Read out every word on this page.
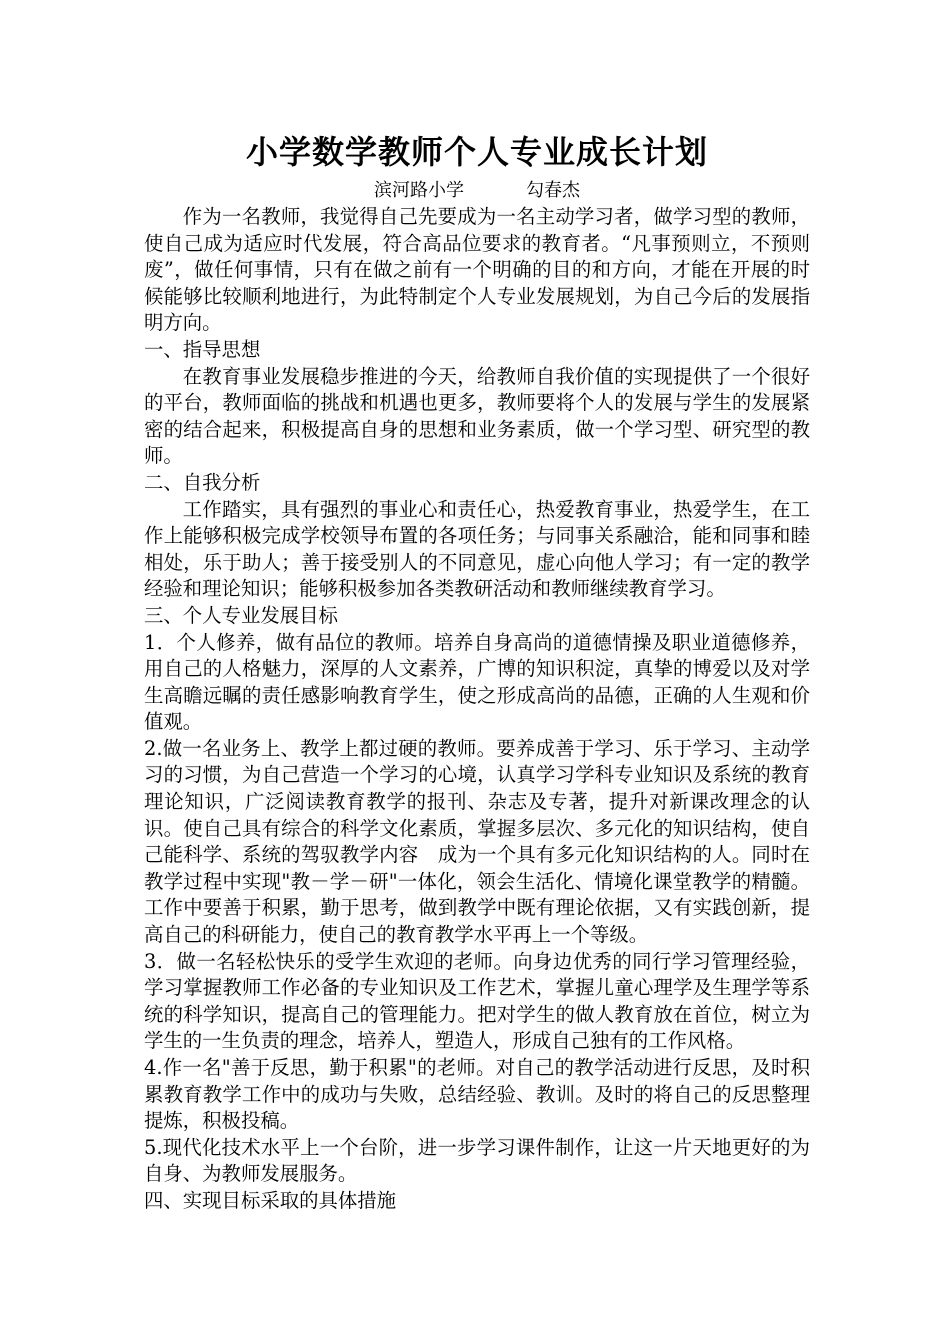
小学数学教师个人专业成长计划
滨河路小学	勾春杰

作为一名教师，我觉得自己先要成为一名主动学习者，做学习型的教师，使自己成为适应时代发展，符合高品位要求的教育者。“凡事预则立，不预则废”，做任何事情，只有在做之前有一个明确的目的和方向，才能在开展的时候能够比较顺利地进行，为此特制定个人专业发展规划，为自己今后的发展指明方向。

一、指导思想

在教育事业发展稳步推进的今天，给教师自我价值的实现提供了一个很好的平台，教师面临的挑战和机遇也更多，教师要将个人的发展与学生的发展紧密的结合起来，积极提高自身的思想和业务素质，做一个学习型、研究型的教师。

二、自我分析

工作踏实，具有强烈的事业心和责任心，热爱教育事业，热爱学生，在工作上能够积极完成学校领导布置的各项任务；与同事关系融洽，能和同事和睦相处，乐于助人；善于接受别人的不同意见，虚心向他人学习；有一定的教学经验和理论知识；能够积极参加各类教研活动和教师继续教育学习。

三、个人专业发展目标

1．个人修养，做有品位的教师。培养自身高尚的道德情操及职业道德修养，用自己的人格魅力，深厚的人文素养，广博的知识积淀，真挚的博爱以及对学生高瞻远瞩的责任感影响教育学生，使之形成高尚的品德，正确的人生观和价值观。

2.做一名业务上、教学上都过硬的教师。要养成善于学习、乐于学习、主动学习的习惯，为自己营造一个学习的心境，认真学习学科专业知识及系统的教育理论知识，广泛阅读教育教学的报刊、杂志及专著，提升对新课改理念的认识。使自己具有综合的科学文化素质，掌握多层次、多元化的知识结构，使自己能科学、系统的驾驭教学内容　成为一个具有多元化知识结构的人。同时在教学过程中实现"教－学－研"一体化，领会生活化、情境化课堂教学的精髓。工作中要善于积累，勤于思考，做到教学中既有理论依据，又有实践创新，提高自己的科研能力，使自己的教育教学水平再上一个等级。

3．做一名轻松快乐的受学生欢迎的老师。向身边优秀的同行学习管理经验，学习掌握教师工作必备的专业知识及工作艺术，掌握儿童心理学及生理学等系统的科学知识，提高自己的管理能力。把对学生的做人教育放在首位，树立为学生的一生负责的理念，培养人，塑造人，形成自己独有的工作风格。

4.作一名"善于反思，勤于积累"的老师。对自己的教学活动进行反思，及时积累教育教学工作中的成功与失败，总结经验、教训。及时的将自己的反思整理提炼，积极投稿。

5.现代化技术水平上一个台阶，进一步学习课件制作，让这一片天地更好的为自身、为教师发展服务。

四、实现目标采取的具体措施
